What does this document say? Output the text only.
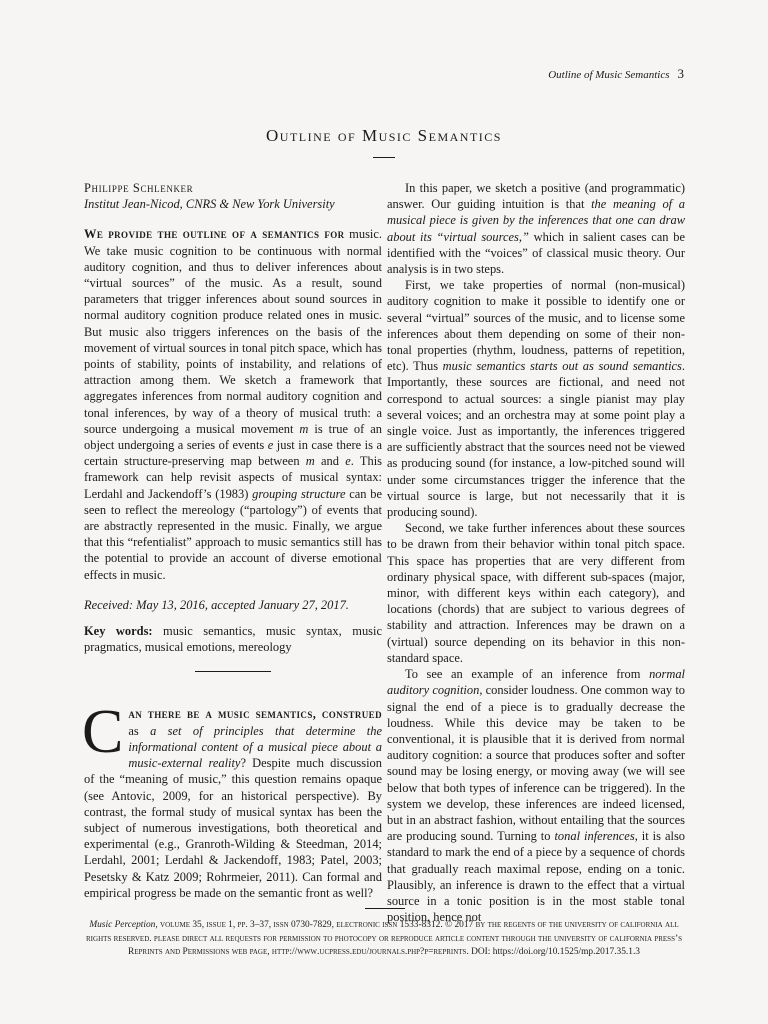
Outline of Music Semantics 3
Outline of Music Semantics

Philippe Schlenker

Institut Jean-Nicod, CNRS & New York University

We provide the outline of a semantics for music. We take music cognition to be continuous with normal auditory cognition, and thus to deliver inferences about “virtual sources” of the music. As a result, sound parameters that trigger inferences about sound sources in normal auditory cognition produce related ones in music. But music also triggers inferences on the basis of the movement of virtual sources in tonal pitch space, which has points of stability, points of instability, and relations of attraction among them. We sketch a framework that aggregates inferences from normal auditory cognition and tonal inferences, by way of a theory of musical truth: a source undergoing a musical movement m is true of an object undergoing a series of events e just in case there is a certain structure-preserving map between m and e. This framework can help revisit aspects of musical syntax: Lerdahl and Jackendoff’s (1983) grouping structure can be seen to reflect the mereology (“partology”) of events that are abstractly represented in the music. Finally, we argue that this “refentialist” approach to music semantics still has the potential to provide an account of diverse emotional effects in music.

Received: May 13, 2016, accepted January 27, 2017.

Key words: music semantics, music syntax, music pragmatics, musical emotions, mereology

Can there be a music semantics, construed as a set of principles that determine the informational content of a musical piece about a music-external reality? Despite much discussion of the “meaning of music,” this question remains opaque (see Antovic, 2009, for an historical perspective). By contrast, the formal study of musical syntax has been the subject of numerous investigations, both theoretical and experimental (e.g., Granroth-Wilding & Steedman, 2014; Lerdahl, 2001; Lerdahl & Jackendoff, 1983; Patel, 2003; Pesetsky & Katz 2009; Rohrmeier, 2011). Can formal and empirical progress be made on the semantic front as well?

In this paper, we sketch a positive (and programmatic) answer. Our guiding intuition is that the meaning of a musical piece is given by the inferences that one can draw about its “virtual sources,” which in salient cases can be identified with the “voices” of classical music theory. Our analysis is in two steps.

First, we take properties of normal (non-musical) auditory cognition to make it possible to identify one or several “virtual” sources of the music, and to license some inferences about them depending on some of their non-tonal properties (rhythm, loudness, patterns of repetition, etc). Thus music semantics starts out as sound semantics. Importantly, these sources are fictional, and need not correspond to actual sources: a single pianist may play several voices; and an orchestra may at some point play a single voice. Just as importantly, the inferences triggered are sufficiently abstract that the sources need not be viewed as producing sound (for instance, a low-pitched sound will under some circumstances trigger the inference that the virtual source is large, but not necessarily that it is producing sound).

Second, we take further inferences about these sources to be drawn from their behavior within tonal pitch space. This space has properties that are very different from ordinary physical space, with different sub-spaces (major, minor, with different keys within each category), and locations (chords) that are subject to various degrees of stability and attraction. Inferences may be drawn on a (virtual) source depending on its behavior in this non-standard space.

To see an example of an inference from normal auditory cognition, consider loudness. One common way to signal the end of a piece is to gradually decrease the loudness. While this device may be taken to be conventional, it is plausible that it is derived from normal auditory cognition: a source that produces softer and softer sound may be losing energy, or moving away (we will see below that both types of inference can be triggered). In the system we develop, these inferences are indeed licensed, but in an abstract fashion, without entailing that the sources are producing sound. Turning to tonal inferences, it is also standard to mark the end of a piece by a sequence of chords that gradually reach maximal repose, ending on a tonic. Plausibly, an inference is drawn to the effect that a virtual source in a tonic position is in the most stable tonal position, hence not

Music Perception, volume 35, issue 1, pp. 3–37, issn 0730-7829, electronic issn 1533-8312. © 2017 by the regents of the university of california all rights reserved. please direct all requests for permission to photocopy or reproduce article content through the university of california press’s
Reprints and Permissions web page, http://www.ucpress.edu/journals.php?p=reprints. DOI: https://doi.org/10.1525/mp.2017.35.1.3
